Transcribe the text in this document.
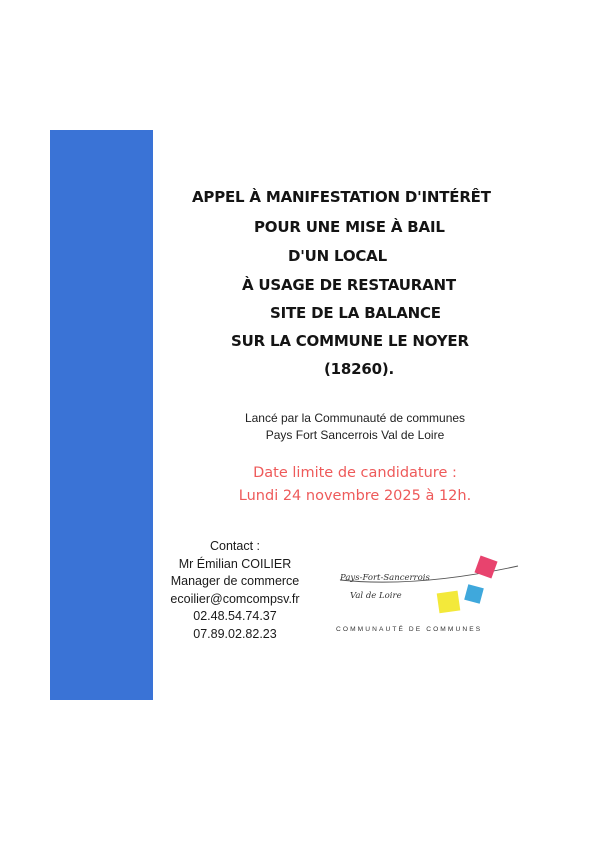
APPEL À MANIFESTATION D'INTÉRÊT
POUR UNE MISE À BAIL
D'UN LOCAL
À USAGE DE RESTAURANT
SITE DE LA BALANCE
SUR LA COMMUNE LE NOYER
(18260).
Lancé par la Communauté de communes
Pays Fort Sancerrois Val de Loire
Date limite de candidature :
Lundi 24 novembre 2025 à 12h.
Contact :
Mr Émilian COILIER
Manager de commerce
ecoilier@comcompsv.fr
02.48.54.74.37
07.89.02.82.23
Pays-Fort-Sancerrois
Val de Loire
COMMUNAUTÉ DE COMMUNES
